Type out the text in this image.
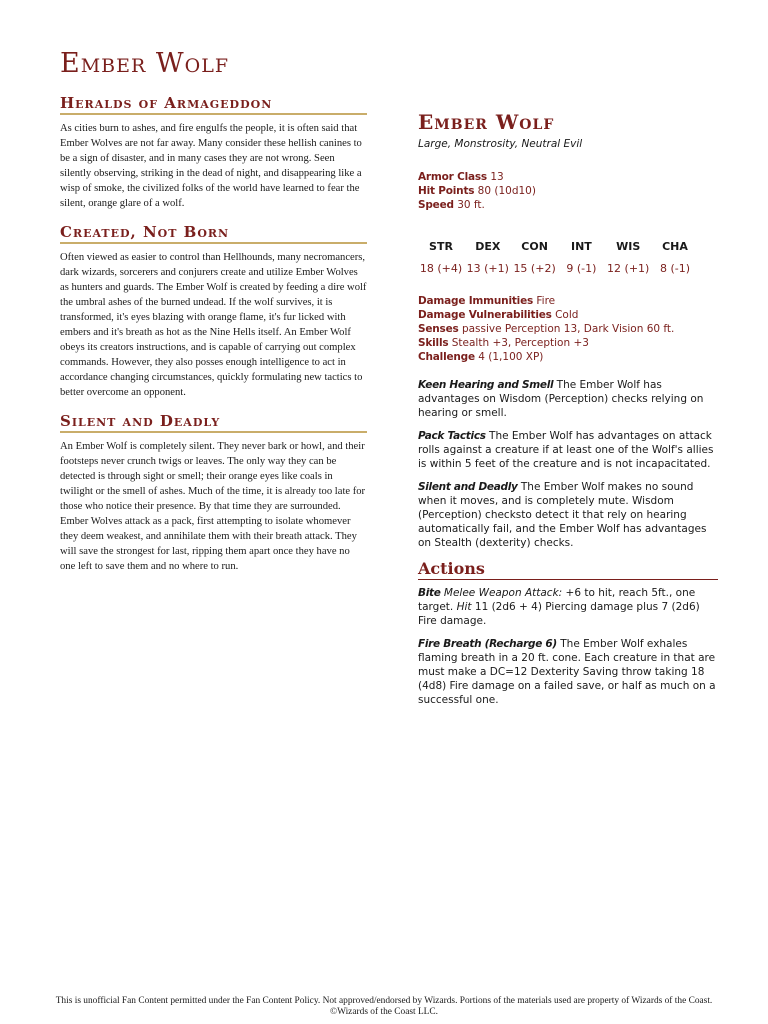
Ember Wolf
Heralds of Armageddon

As cities burn to ashes, and fire engulfs the people, it is often said that Ember Wolves are not far away. Many consider these hellish canines to be a sign of disaster, and in many cases they are not wrong. Seen silently observing, striking in the dead of night, and disappearing like a wisp of smoke, the civilized folks of the world have learned to fear the silent, orange glare of a wolf.

Created, Not Born

Often viewed as easier to control than Hellhounds, many necromancers, dark wizards, sorcerers and conjurers create and utilize Ember Wolves as hunters and guards. The Ember Wolf is created by feeding a dire wolf the umbral ashes of the burned undead. If the wolf survives, it is transformed, it's eyes blazing with orange flame, it's fur licked with embers and it's breath as hot as the Nine Hells itself. An Ember Wolf obeys its creators instructions, and is capable of carrying out complex commands. However, they also posses enough intelligence to act in accordance changing circumstances, quickly formulating new tactics to better overcome an opponent.

Silent and Deadly

An Ember Wolf is completely silent. They never bark or howl, and their footsteps never crunch twigs or leaves. The only way they can be detected is through sight or smell; their orange eyes like coals in twilight or the smell of ashes. Much of the time, it is already too late for those who notice their presence. By that time they are surrounded. Ember Wolves attack as a pack, first attempting to isolate whomever they deem weakest, and annihilate them with their breath attack. They will save the strongest for last, ripping them apart once they have no one left to save them and no where to run.

Ember Wolf

Large, Monstrosity, Neutral Evil

Armor Class 13

Hit Points 80 (10d10)

Speed 30 ft.

STR
18 (+4)
DEX
13 (+1)
CON
15 (+2)
INT
9 (-1)
WIS
12 (+1)
CHA
8 (-1)

Damage Immunities Fire

Damage Vulnerabilities Cold

Senses passive Perception 13, Dark Vision 60 ft.

Skills Stealth +3, Perception +3

Challenge 4 (1,100 XP)

Keen Hearing and Smell The Ember Wolf has advantages on Wisdom (Perception) checks relying on hearing or smell.

Pack Tactics The Ember Wolf has advantages on attack rolls against a creature if at least one of the Wolf's allies is within 5 feet of the creature and is not incapacitated.

Silent and Deadly The Ember Wolf makes no sound when it moves, and is completely mute. Wisdom (Perception) checksto detect it that rely on hearing automatically fail, and the Ember Wolf has advantages on Stealth (dexterity) checks.

Actions

Bite Melee Weapon Attack: +6 to hit, reach 5ft., one target. Hit 11 (2d6 + 4) Piercing damage plus 7 (2d6) Fire damage.

Fire Breath (Recharge 6) The Ember Wolf exhales flaming breath in a 20 ft. cone. Each creature in that are must make a DC=12 Dexterity Saving throw taking 18 (4d8) Fire damage on a failed save, or half as much on a successful one.

This is unofficial Fan Content permitted under the Fan Content Policy. Not approved/endorsed by Wizards. Portions of the materials used are property of Wizards of the Coast. ©Wizards of the Coast LLC.
